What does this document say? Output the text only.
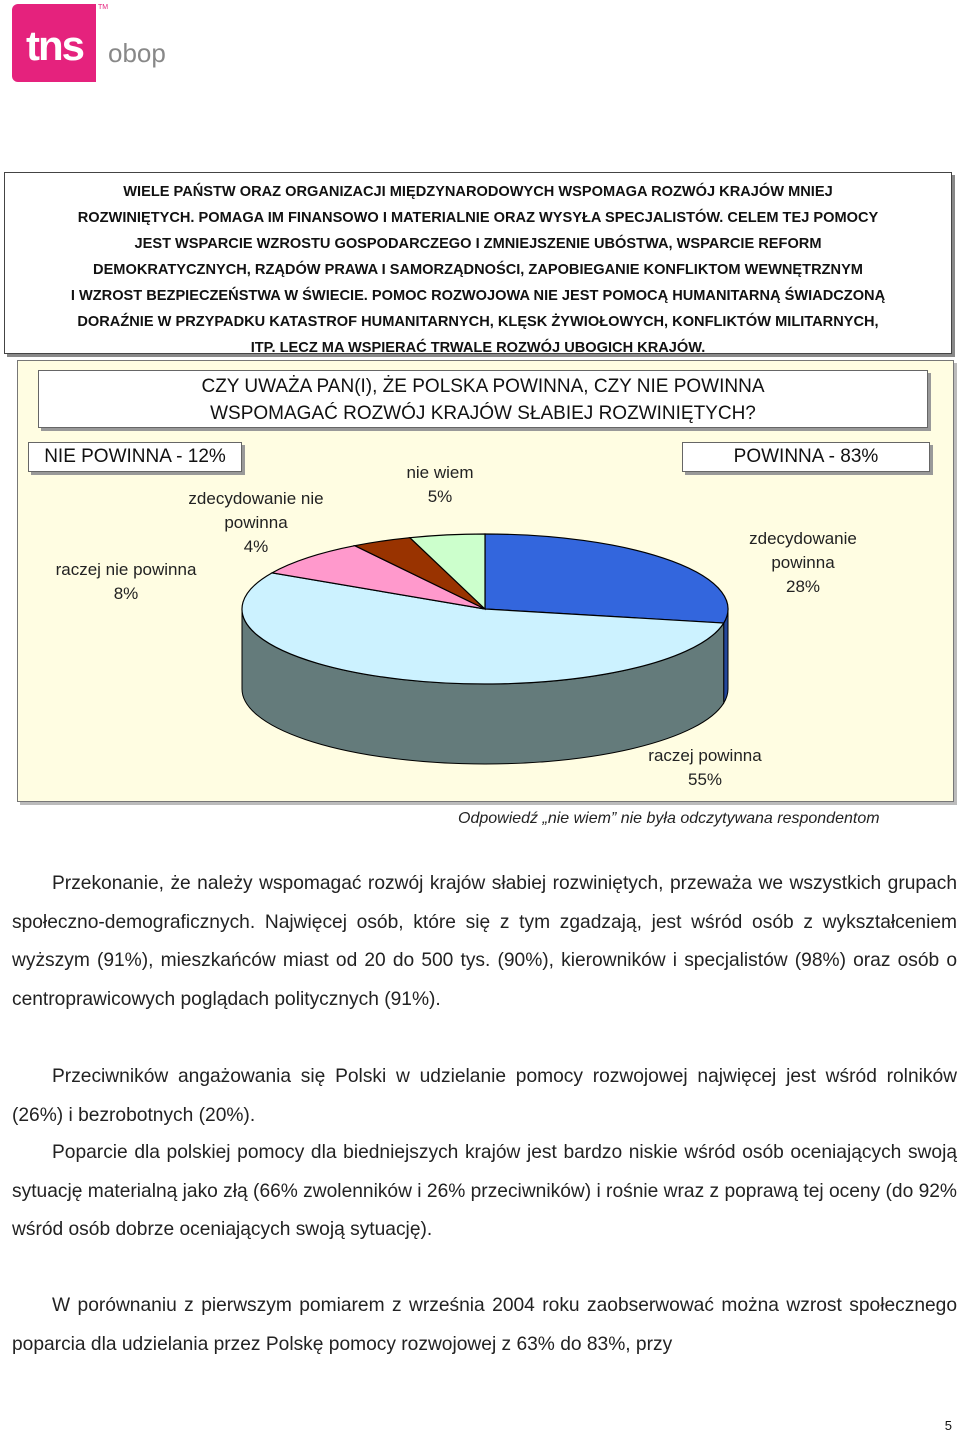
tns
TM
obop

WIELE PAŃSTW ORAZ ORGANIZACJI MIĘDZYNARODOWYCH WSPOMAGA ROZWÓJ KRAJÓW MNIEJ

ROZWINIĘTYCH. POMAGA IM FINANSOWO I MATERIALNIE ORAZ WYSYŁA SPECJALISTÓW. CELEM TEJ POMOCY

JEST WSPARCIE WZROSTU GOSPODARCZEGO I ZMNIEJSZENIE UBÓSTWA, WSPARCIE REFORM

DEMOKRATYCZNYCH, RZĄDÓW PRAWA I SAMORZĄDNOŚCI, ZAPOBIEGANIE KONFLIKTOM WEWNĘTRZNYM

I WZROST BEZPIECZEŃSTWA W ŚWIECIE. POMOC ROZWOJOWA NIE JEST POMOCĄ HUMANITARNĄ ŚWIADCZONĄ

DORAŹNIE W PRZYPADKU KATASTROF HUMANITARNYCH, KLĘSK ŻYWIOŁOWYCH, KONFLIKTÓW MILITARNYCH,

ITP. LECZ MA WSPIERAĆ TRWALE ROZWÓJ UBOGICH KRAJÓW.

CZY UWAŻA PAN(I), ŻE POLSKA POWINNA, CZY NIE POWINNA
WSPOMAGAĆ ROZWÓJ KRAJÓW SŁABIEJ ROZWINIĘTYCH?
NIE POWINNA - 12%	POWINNA - 83%
zdecydowanie
powinna
28%
raczej powinna
55%
raczej nie powinna
8%
zdecydowanie nie
powinna
4%
nie wiem
5%
Odpowiedź „nie wiem” nie była odczytywana respondentom

Przekonanie, że należy wspomagać rozwój krajów słabiej rozwiniętych, przeważa we wszystkich grupach społeczno-demograficznych. Najwięcej osób, które się z tym zgadzają, jest wśród osób z wykształceniem wyższym (91%), mieszkańców miast od 20 do 500 tys. (90%), kierowników i specjalistów (98%) oraz osób o centroprawicowych poglądach politycznych (91%).

Przeciwników angażowania się Polski w udzielanie pomocy rozwojowej najwięcej jest wśród rolników (26%) i bezrobotnych (20%).

Poparcie dla polskiej pomocy dla biedniejszych krajów jest bardzo niskie wśród osób oceniających swoją sytuację materialną jako złą (66% zwolenników i 26% przeciwników) i rośnie wraz z poprawą tej oceny (do 92% wśród osób dobrze oceniających swoją sytuację).

W porównaniu z pierwszym pomiarem z września 2004 roku zaobserwować można wzrost społecznego poparcia dla udzielania przez Polskę pomocy rozwojowej z 63% do 83%, przy

5
